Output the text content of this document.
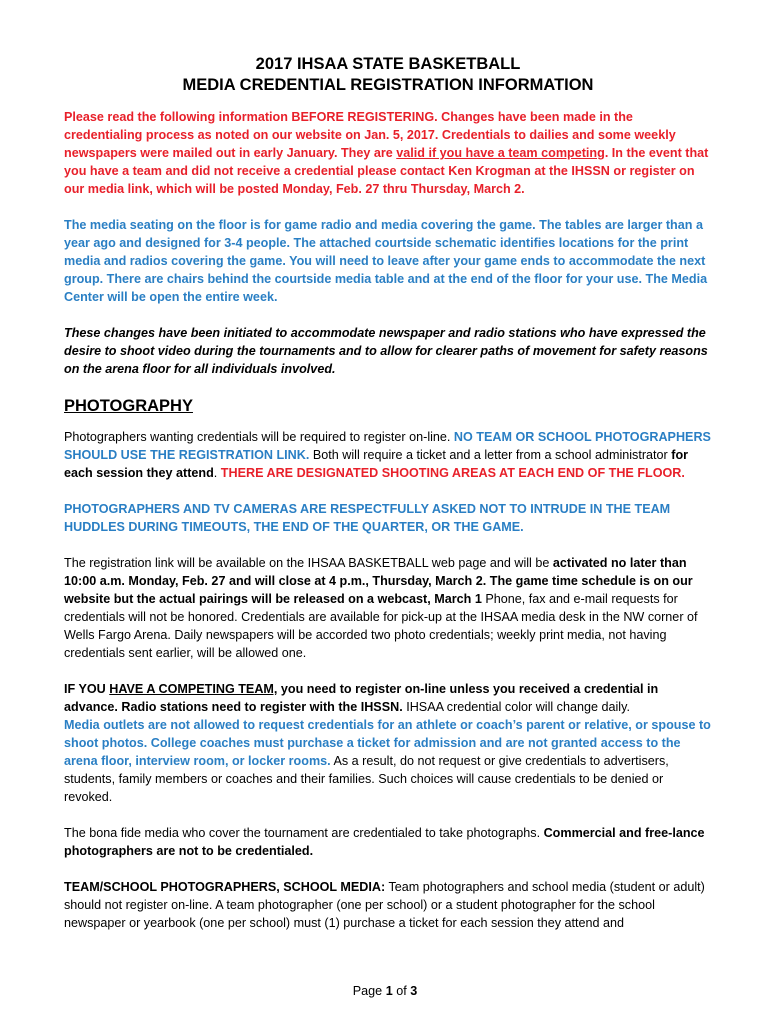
2017 IHSAA STATE BASKETBALL
MEDIA CREDENTIAL REGISTRATION INFORMATION

Please read the following information BEFORE REGISTERING. Changes have been made in the credentialing process as noted on our website on Jan. 5, 2017. Credentials to dailies and some weekly newspapers were mailed out in early January. They are valid if you have a team competing. In the event that you have a team and did not receive a credential please contact Ken Krogman at the IHSSN or register on our media link, which will be posted Monday, Feb. 27 thru Thursday, March 2.

The media seating on the floor is for game radio and media covering the game. The tables are larger than a year ago and designed for 3-4 people. The attached courtside schematic identifies locations for the print media and radios covering the game. You will need to leave after your game ends to accommodate the next group. There are chairs behind the courtside media table and at the end of the floor for your use. The Media Center will be open the entire week.

These changes have been initiated to accommodate newspaper and radio stations who have expressed the desire to shoot video during the tournaments and to allow for clearer paths of movement for safety reasons on the arena floor for all individuals involved.

PHOTOGRAPHY

Photographers wanting credentials will be required to register on-line. NO TEAM OR SCHOOL PHOTOGRAPHERS SHOULD USE THE REGISTRATION LINK. Both will require a ticket and a letter from a school administrator for each session they attend. THERE ARE DESIGNATED SHOOTING AREAS AT EACH END OF THE FLOOR.

PHOTOGRAPHERS AND TV CAMERAS ARE RESPECTFULLY ASKED NOT TO INTRUDE IN THE TEAM HUDDLES DURING TIMEOUTS, THE END OF THE QUARTER, OR THE GAME.

The registration link will be available on the IHSAA BASKETBALL web page and will be activated no later than 10:00 a.m. Monday, Feb. 27 and will close at 4 p.m., Thursday, March 2. The game time schedule is on our website but the actual pairings will be released on a webcast, March 1 Phone, fax and e-mail requests for credentials will not be honored. Credentials are available for pick-up at the IHSAA media desk in the NW corner of Wells Fargo Arena. Daily newspapers will be accorded two photo credentials; weekly print media, not having credentials sent earlier, will be allowed one.

IF YOU HAVE A COMPETING TEAM, you need to register on-line unless you received a credential in advance. Radio stations need to register with the IHSSN. IHSAA credential color will change daily.
Media outlets are not allowed to request credentials for an athlete or coach’s parent or relative, or spouse to shoot photos. College coaches must purchase a ticket for admission and are not granted access to the arena floor, interview room, or locker rooms. As a result, do not request or give credentials to advertisers, students, family members or coaches and their families. Such choices will cause credentials to be denied or revoked.

The bona fide media who cover the tournament are credentialed to take photographs. Commercial and free-lance photographers are not to be credentialed.

TEAM/SCHOOL PHOTOGRAPHERS, SCHOOL MEDIA: Team photographers and school media (student or adult) should not register on-line. A team photographer (one per school) or a student photographer for the school newspaper or yearbook (one per school) must (1) purchase a ticket for each session they attend and

Page 1 of 3
